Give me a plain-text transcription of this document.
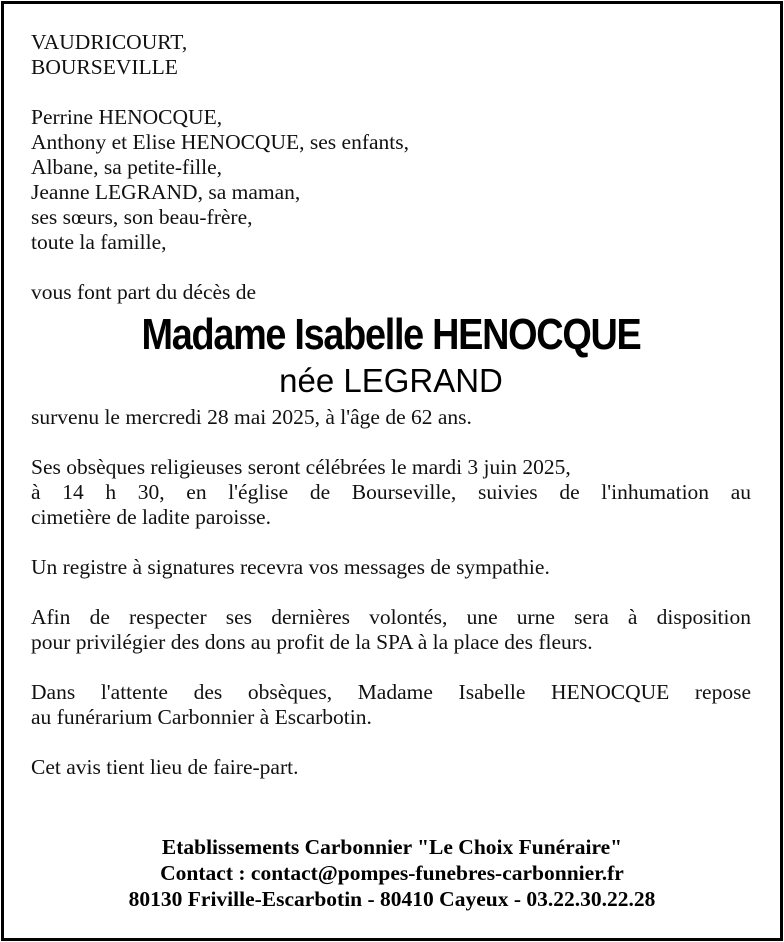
VAUDRICOURT,
BOURSEVILLE
Perrine HENOCQUE,
Anthony et Elise HENOCQUE, ses enfants,
Albane, sa petite-fille,
Jeanne LEGRAND, sa maman,
ses sœurs, son beau-frère,
toute la famille,
vous font part du décès de
Madame Isabelle HENOCQUE
née LEGRAND
survenu le mercredi 28 mai 2025, à l'âge de 62 ans.
Ses obsèques religieuses seront célébrées le mardi 3 juin 2025,
à 14 h 30, en l'église de Bourseville, suivies de l'inhumation au
cimetière de ladite paroisse.
Un registre à signatures recevra vos messages de sympathie.
Afin de respecter ses dernières volontés, une urne sera à disposition
pour privilégier des dons au profit de la SPA à la place des fleurs.
Dans l'attente des obsèques, Madame Isabelle HENOCQUE repose
au funérarium Carbonnier à Escarbotin.
Cet avis tient lieu de faire-part.
Etablissements Carbonnier "Le Choix Funéraire"
Contact : contact@pompes-funebres-carbonnier.fr
80130 Friville-Escarbotin - 80410 Cayeux - 03.22.30.22.28
